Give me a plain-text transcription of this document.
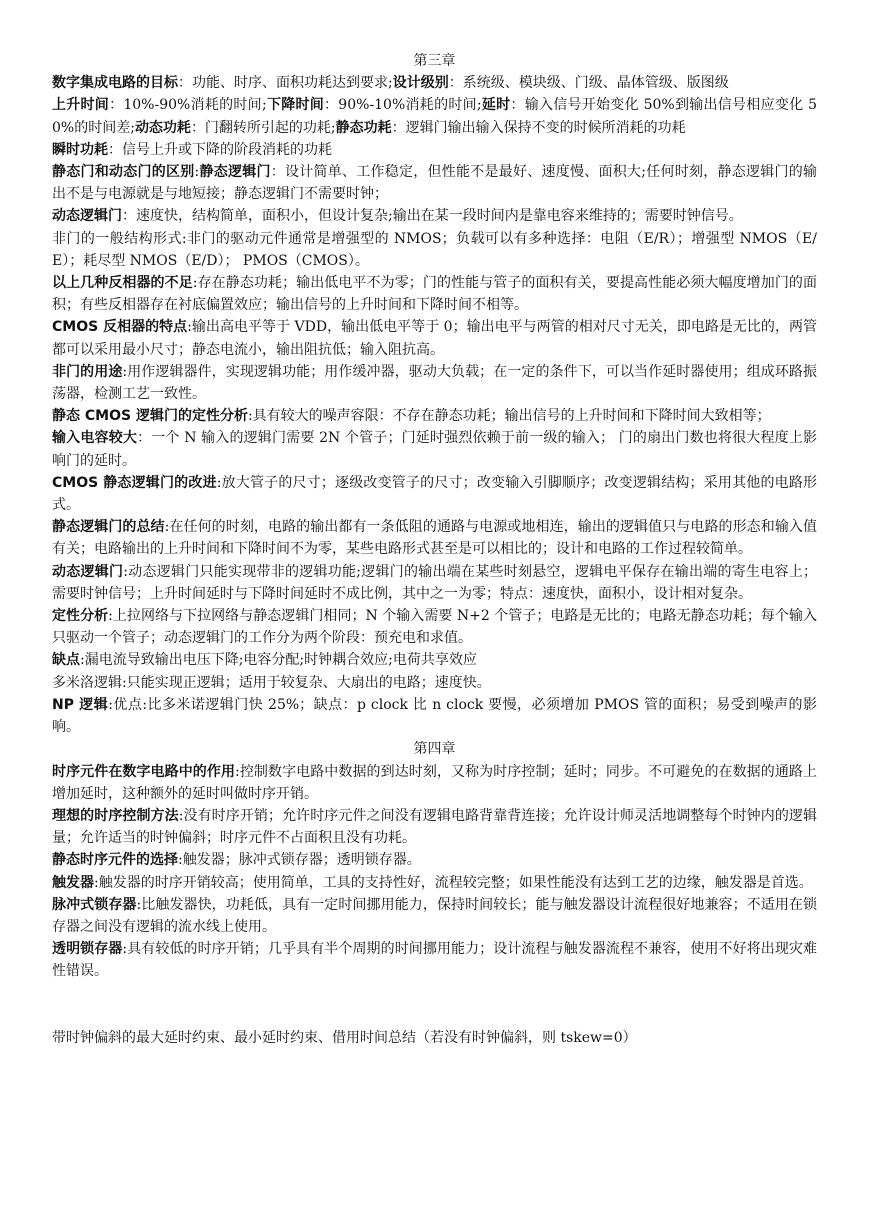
第三章

数字集成电路的目标：功能、时序、面积功耗达到要求;设计级别：系统级、模块级、门级、晶体管级、版图级

上升时间：10%-90%消耗的时间;下降时间：90%-10%消耗的时间;延时：输入信号开始变化 50%到输出信号相应变化 50%的时间差;动态功耗：门翻转所引起的功耗;静态功耗：逻辑门输出输入保持不变的时候所消耗的功耗

瞬时功耗：信号上升或下降的阶段消耗的功耗

静态门和动态门的区别:静态逻辑门：设计简单、工作稳定，但性能不是最好、速度慢、面积大;任何时刻，静态逻辑门的输出不是与电源就是与地短接；静态逻辑门不需要时钟；

动态逻辑门：速度快，结构简单，面积小，但设计复杂;输出在某一段时间内是靠电容来维持的；需要时钟信号。

非门的一般结构形式:非门的驱动元件通常是增强型的 NMOS；负载可以有多种选择：电阻（E/R）；增强型 NMOS（E/E）；耗尽型 NMOS（E/D）； PMOS（CMOS）。

以上几种反相器的不足:存在静态功耗；输出低电平不为零；门的性能与管子的面积有关，要提高性能必须大幅度增加门的面积；有些反相器存在衬底偏置效应；输出信号的上升时间和下降时间不相等。

CMOS 反相器的特点:输出高电平等于 VDD，输出低电平等于 0；输出电平与两管的相对尺寸无关，即电路是无比的，两管都可以采用最小尺寸；静态电流小，输出阻抗低；输入阻抗高。

非门的用途:用作逻辑器件，实现逻辑功能；用作缓冲器，驱动大负载；在一定的条件下，可以当作延时器使用；组成环路振荡器，检测工艺一致性。

静态 CMOS 逻辑门的定性分析:具有较大的噪声容限：不存在静态功耗；输出信号的上升时间和下降时间大致相等；

输入电容较大：一个 N 输入的逻辑门需要 2N 个管子；门延时强烈依赖于前一级的输入； 门的扇出门数也将很大程度上影响门的延时。

CMOS 静态逻辑门的改进:放大管子的尺寸；逐级改变管子的尺寸；改变输入引脚顺序；改变逻辑结构；采用其他的电路形式。

静态逻辑门的总结:在任何的时刻，电路的输出都有一条低阻的通路与电源或地相连，输出的逻辑值只与电路的形态和输入值有关；电路输出的上升时间和下降时间不为零，某些电路形式甚至是可以相比的；设计和电路的工作过程较简单。

动态逻辑门:动态逻辑门只能实现带非的逻辑功能;逻辑门的输出端在某些时刻悬空，逻辑电平保存在输出端的寄生电容上；需要时钟信号；上升时间延时与下降时间延时不成比例，其中之一为零；特点：速度快，面积小，设计相对复杂。

定性分析:上拉网络与下拉网络与静态逻辑门相同；N 个输入需要 N+2 个管子；电路是无比的；电路无静态功耗；每个输入只驱动一个管子；动态逻辑门的工作分为两个阶段：预充电和求值。

缺点:漏电流导致输出电压下降;电容分配;时钟耦合效应;电荷共享效应

多米洛逻辑:只能实现正逻辑；适用于较复杂、大扇出的电路；速度快。

NP 逻辑:优点:比多米诺逻辑门快 25%；缺点：p clock 比 n clock 要慢，必须增加 PMOS 管的面积；易受到噪声的影响。

第四章

时序元件在数字电路中的作用:控制数字电路中数据的到达时刻，又称为时序控制；延时；同步。不可避免的在数据的通路上增加延时，这种额外的延时叫做时序开销。

理想的时序控制方法:没有时序开销；允许时序元件之间没有逻辑电路背靠背连接；允许设计师灵活地调整每个时钟内的逻辑量；允许适当的时钟偏斜；时序元件不占面积且没有功耗。

静态时序元件的选择:触发器；脉冲式锁存器；透明锁存器。

触发器:触发器的时序开销较高；使用简单，工具的支持性好，流程较完整；如果性能没有达到工艺的边缘，触发器是首选。

脉冲式锁存器:比触发器快，功耗低，具有一定时间挪用能力，保持时间较长；能与触发器设计流程很好地兼容；不适用在锁存器之间没有逻辑的流水线上使用。

透明锁存器:具有较低的时序开销；几乎具有半个周期的时间挪用能力；设计流程与触发器流程不兼容，使用不好将出现灾难性错误。

带时钟偏斜的最大延时约束、最小延时约束、借用时间总结（若没有时钟偏斜，则 tskew=0）
